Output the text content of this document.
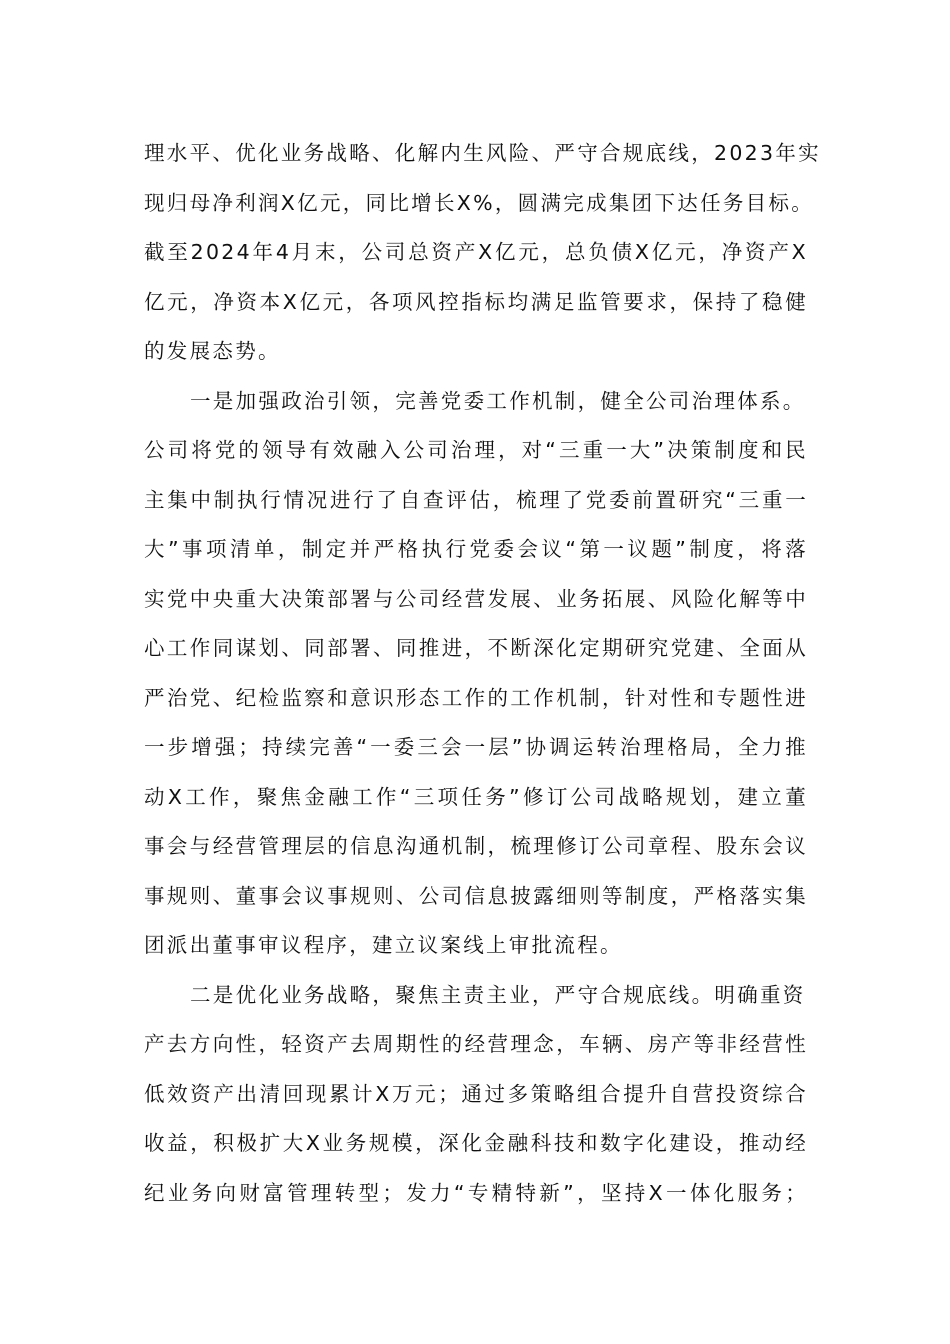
理水平、优化业务战略、化解内生风险、严守合规底线，2023年实
现归母净利润X亿元，同比增长X%，圆满完成集团下达任务目标。
截至2024年4月末，公司总资产X亿元，总负债X亿元，净资产X
亿元，净资本X亿元，各项风控指标均满足监管要求，保持了稳健
的发展态势。
一是加强政治引领，完善党委工作机制，健全公司治理体系。
公司将党的领导有效融入公司治理，对“三重一大”决策制度和民
主集中制执行情况进行了自查评估，梳理了党委前置研究“三重一
大”事项清单，制定并严格执行党委会议“第一议题”制度，将落
实党中央重大决策部署与公司经营发展、业务拓展、风险化解等中
心工作同谋划、同部署、同推进，不断深化定期研究党建、全面从
严治党、纪检监察和意识形态工作的工作机制，针对性和专题性进
一步增强；持续完善“一委三会一层”协调运转治理格局，全力推
动X工作，聚焦金融工作“三项任务”修订公司战略规划，建立董
事会与经营管理层的信息沟通机制，梳理修订公司章程、股东会议
事规则、董事会议事规则、公司信息披露细则等制度，严格落实集
团派出董事审议程序，建立议案线上审批流程。
二是优化业务战略，聚焦主责主业，严守合规底线。明确重资
产去方向性，轻资产去周期性的经营理念，车辆、房产等非经营性
低效资产出清回现累计X万元；通过多策略组合提升自营投资综合
收益，积极扩大X业务规模，深化金融科技和数字化建设，推动经
纪业务向财富管理转型；发力“专精特新”，坚持X一体化服务；
